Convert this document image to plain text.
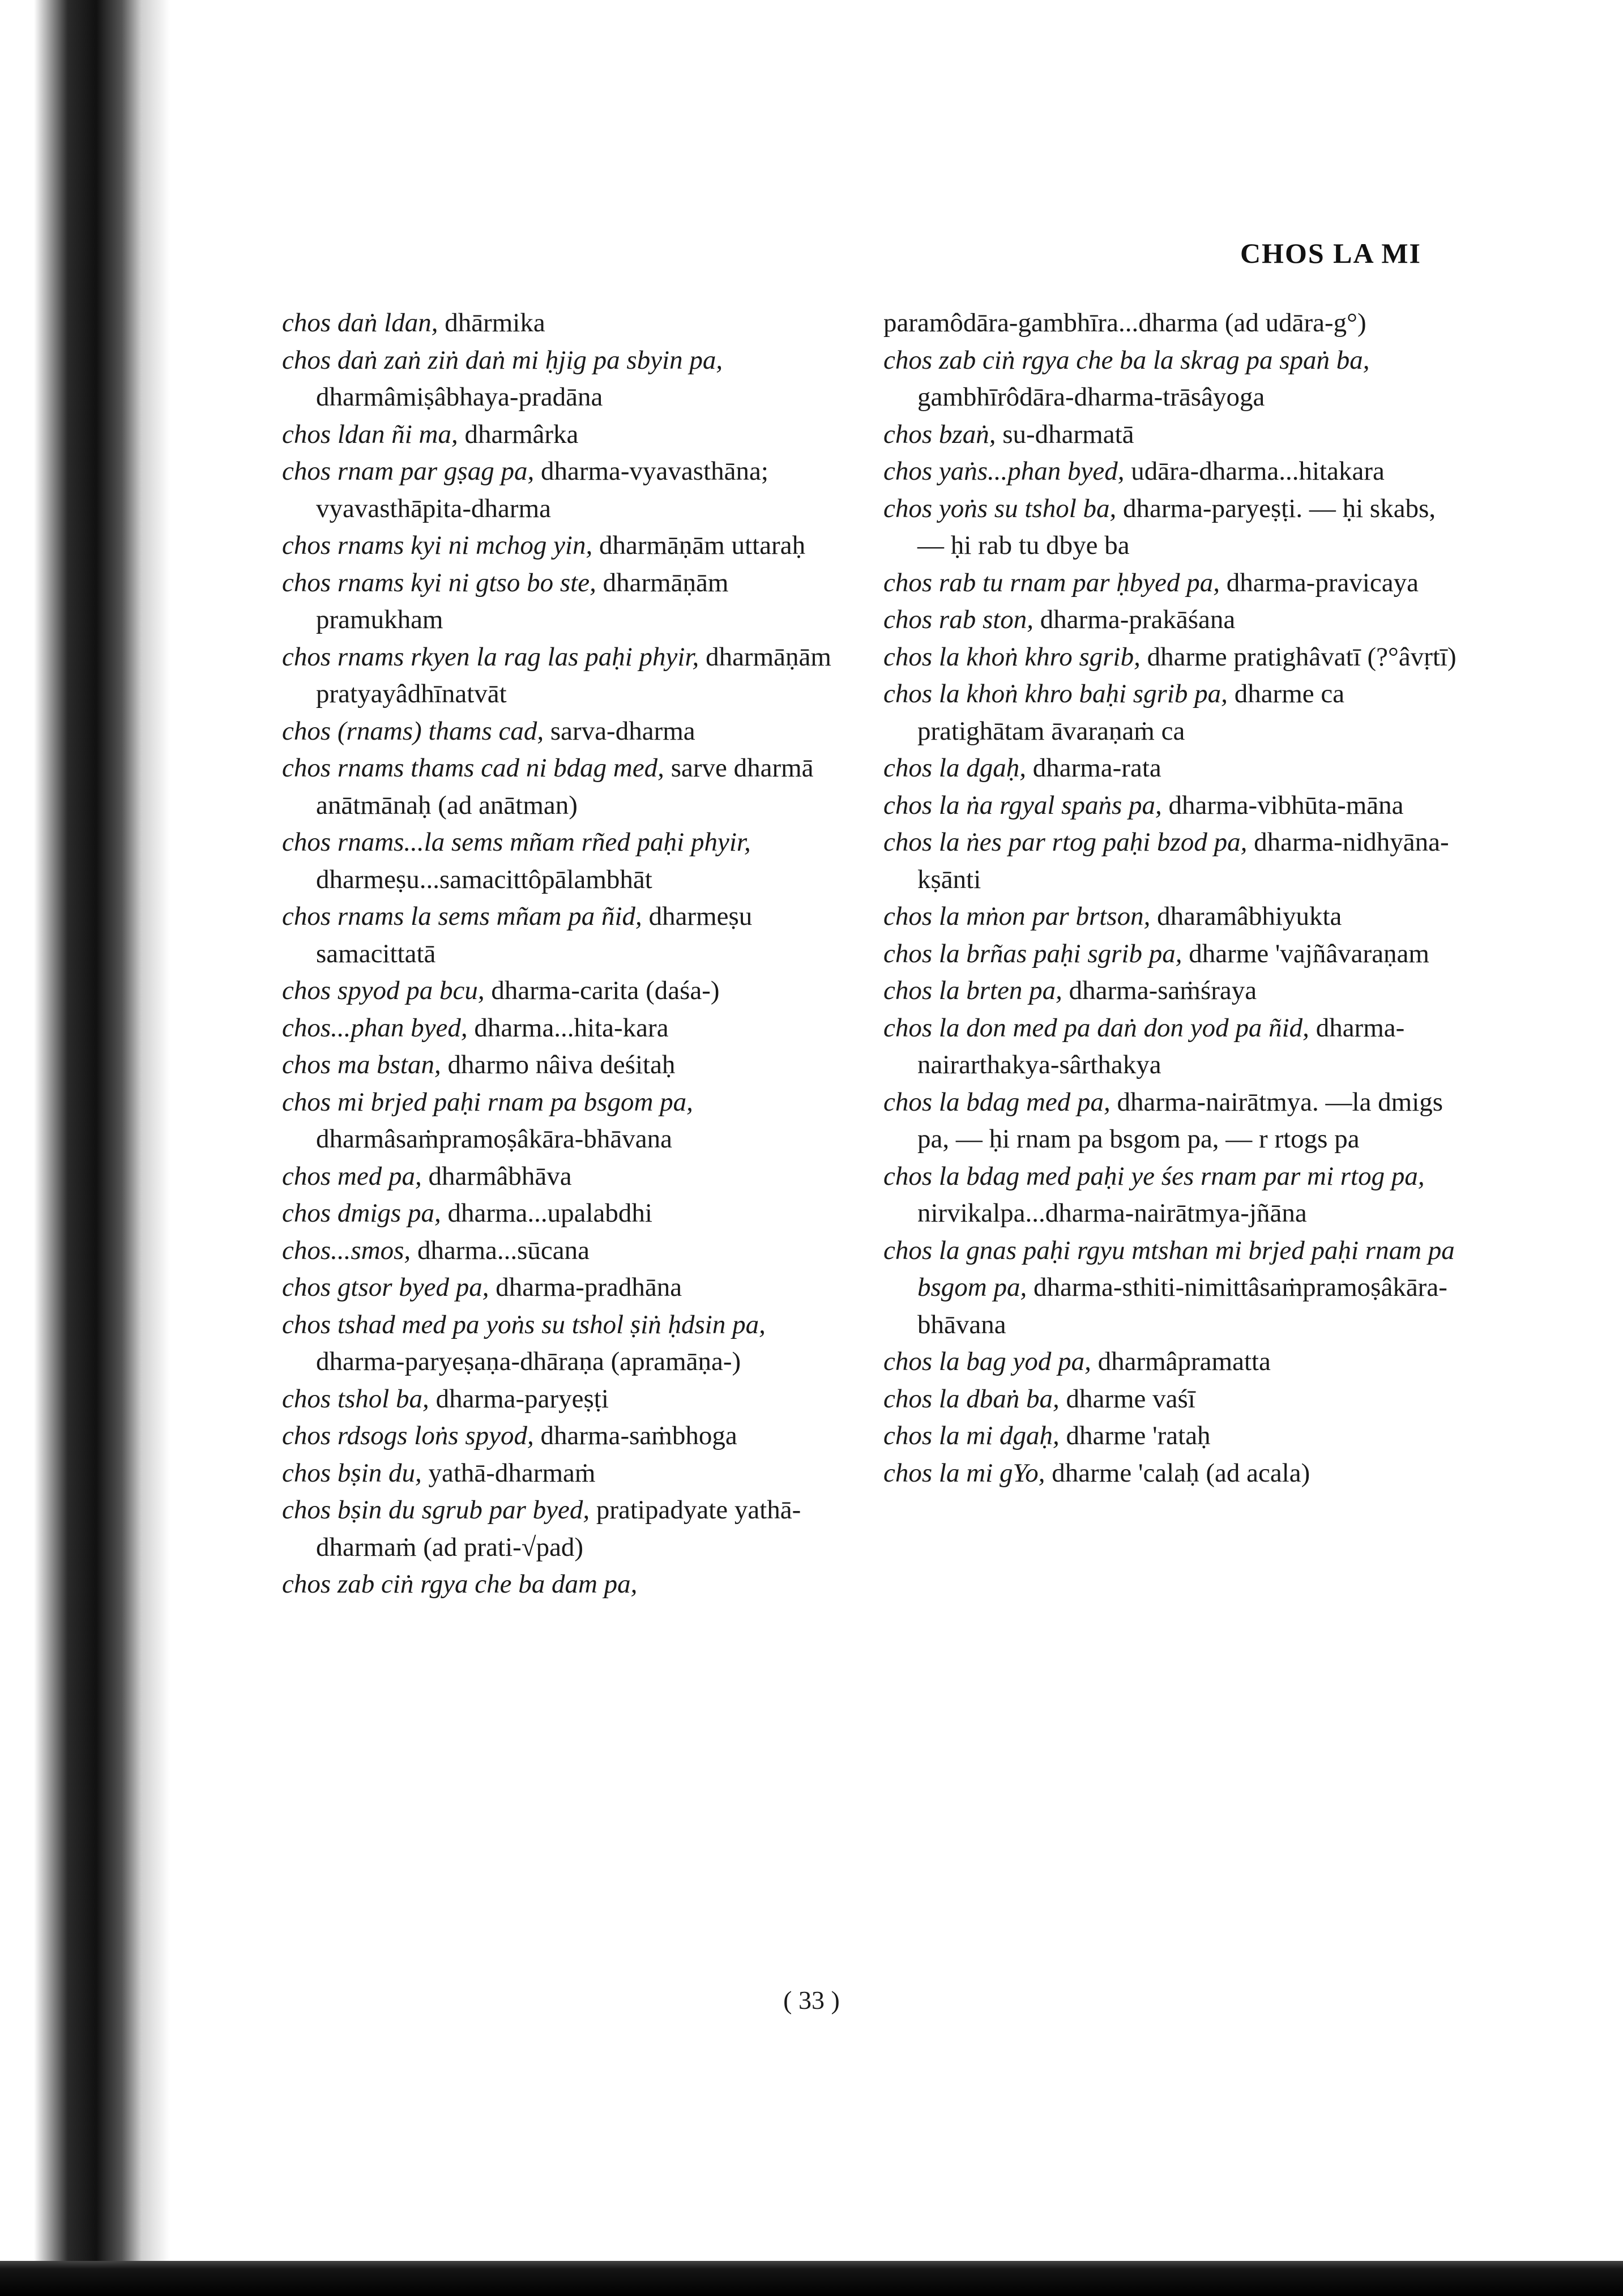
CHOS LA MI
chos daṅ ldan, dhārmika
chos daṅ zaṅ ziṅ daṅ mi ḥjig pa sbyin pa, dharmâmiṣâbhaya-pradāna
chos ldan ñi ma, dharmârka
chos rnam par gṣag pa, dharma-vyavasthāna; vyavasthāpita-dharma
chos rnams kyi ni mchog yin, dharmāṇām uttaraḥ
chos rnams kyi ni gtso bo ste, dharmāṇām pramukham
chos rnams rkyen la rag las paḥi phyir, dharmāṇām pratyayâdhīnatvāt
chos (rnams) thams cad, sarva-dharma
chos rnams thams cad ni bdag med, sarve dharmā anātmānaḥ (ad anātman)
chos rnams...la sems mñam rñed paḥi phyir, dharmeṣu...samacittôpālambhāt
chos rnams la sems mñam pa ñid, dharmeṣu samacittatā
chos spyod pa bcu, dharma-carita (daśa-)
chos...phan byed, dharma...hita-kara
chos ma bstan, dharmo nâiva deśitaḥ
chos mi brjed paḥi rnam pa bsgom pa, dharmâsaṁpramoṣâkāra-bhāvana
chos med pa, dharmâbhāva
chos dmigs pa, dharma...upalabdhi
chos...smos, dharma...sūcana
chos gtsor byed pa, dharma-pradhāna
chos tshad med pa yoṅs su tshol ṣiṅ ḥdsin pa, dharma-paryeṣaṇa-dhāraṇa (apramāṇa-)
chos tshol ba, dharma-paryeṣṭi
chos rdsogs loṅs spyod, dharma-saṁbhoga
chos bṣin du, yathā-dharmaṁ
chos bṣin du sgrub par byed, pratipadyate yathā-dharmaṁ (ad prati-√pad)
chos zab ciṅ rgya che ba dam pa,
paramôdāra-gambhīra...dharma (ad udāra-g°)
chos zab ciṅ rgya che ba la skrag pa spaṅ ba, gambhīrôdāra-dharma-trāsâyoga
chos bzaṅ, su-dharmatā
chos yaṅs...phan byed, udāra-dharma...hitakara
chos yoṅs su tshol ba, dharma-paryeṣṭi. — ḥi skabs, — ḥi rab tu dbye ba
chos rab tu rnam par ḥbyed pa, dharma-pravicaya
chos rab ston, dharma-prakāśana
chos la khoṅ khro sgrib, dharme pratighâvatī (?°âvṛtī)
chos la khoṅ khro baḥi sgrib pa, dharme ca pratighātam āvaraṇaṁ ca
chos la dgaḥ, dharma-rata
chos la ṅa rgyal spaṅs pa, dharma-vibhūta-māna
chos la ṅes par rtog paḥi bzod pa, dharma-nidhyāna-kṣānti
chos la mṅon par brtson, dharamâbhiyukta
chos la brñas paḥi sgrib pa, dharme 'vajñâvaraṇam
chos la brten pa, dharma-saṁśraya
chos la don med pa daṅ don yod pa ñid, dharma-nairarthakya-sârthakya
chos la bdag med pa, dharma-nairātmya. —la dmigs pa, — ḥi rnam pa bsgom pa, — r rtogs pa
chos la bdag med paḥi ye śes rnam par mi rtog pa, nirvikalpa...dharma-nairātmya-jñāna
chos la gnas paḥi rgyu mtshan mi brjed paḥi rnam pa bsgom pa, dharma-sthiti-nimittâsaṁpramoṣâkāra-bhāvana
chos la bag yod pa, dharmâpramatta
chos la dbaṅ ba, dharme vaśī
chos la mi dgaḥ, dharme 'rataḥ
chos la mi gYo, dharme 'calaḥ (ad acala)
( 33 )
